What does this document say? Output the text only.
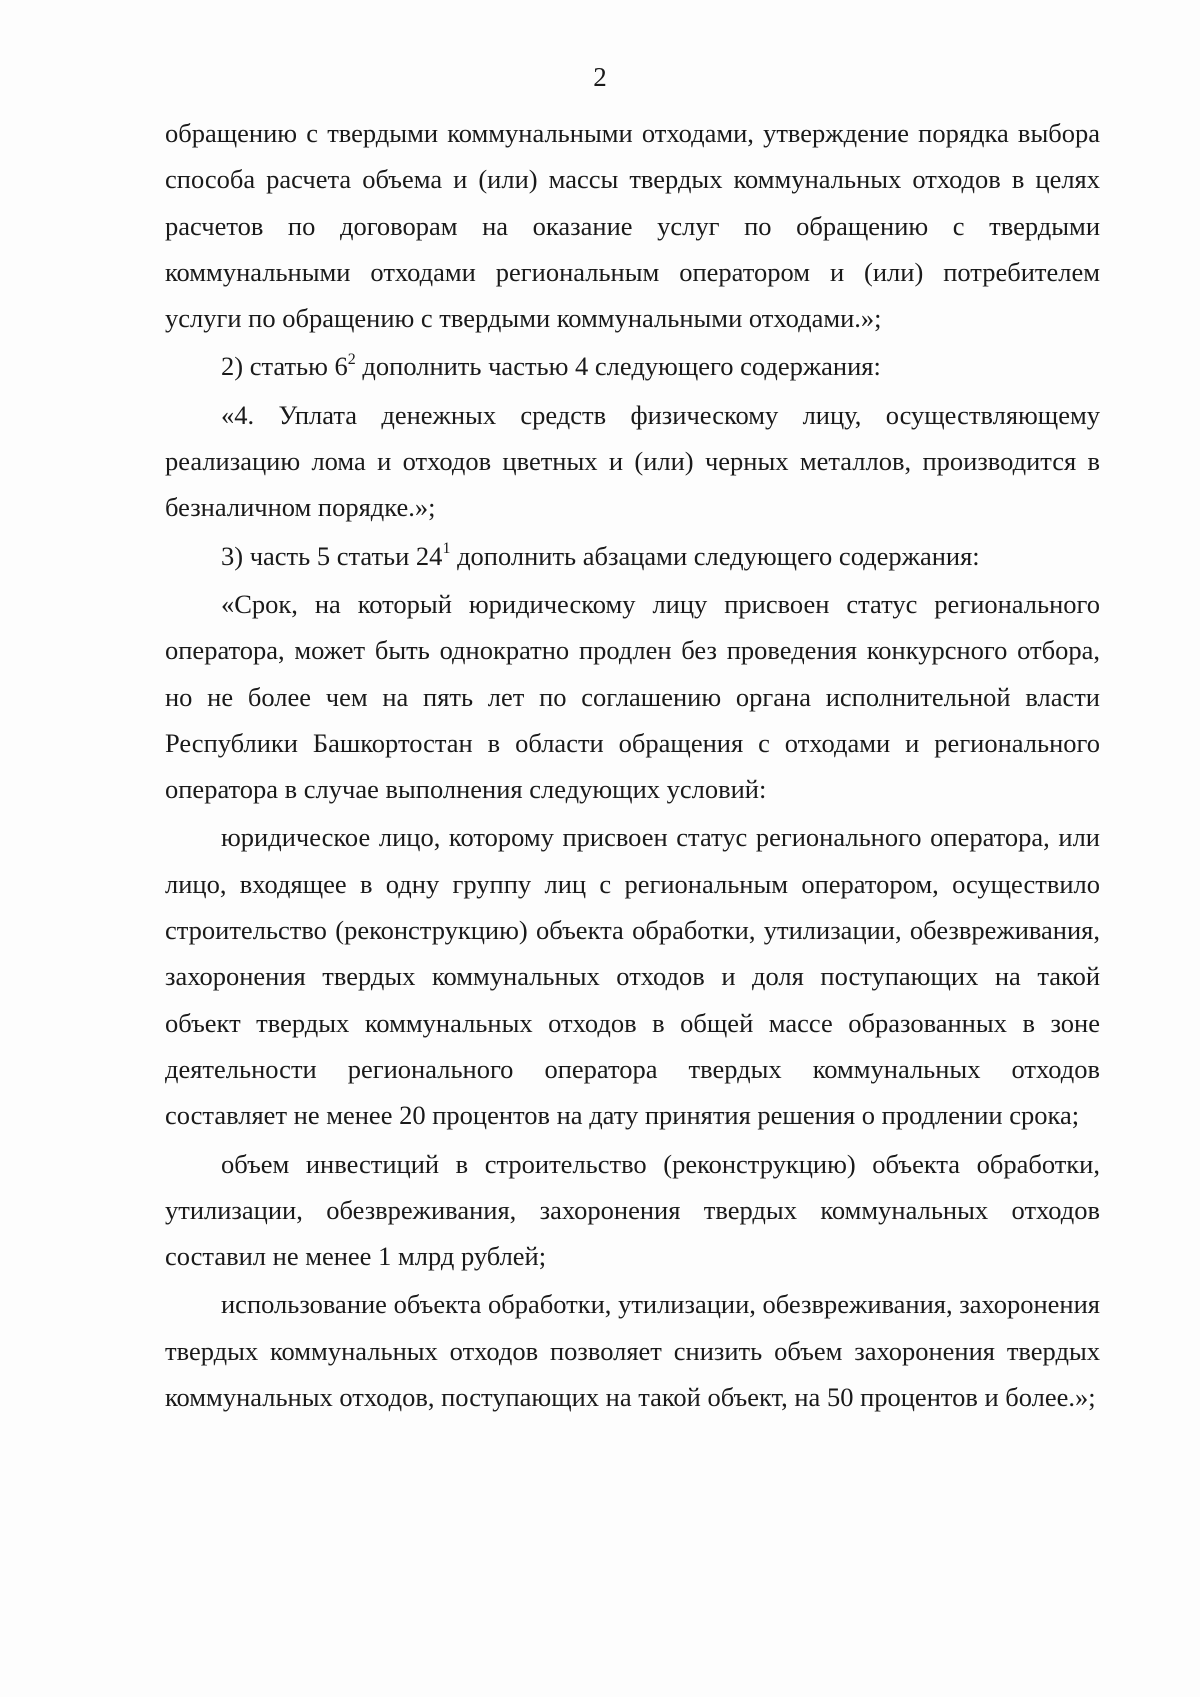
2

обращению с твердыми коммунальными отходами, утверждение порядка выбора способа расчета объема и (или) массы твердых коммунальных отходов в целях расчетов по договорам на оказание услуг по обращению с твердыми коммунальными отходами региональным оператором и (или) потребителем услуги по обращению с твердыми коммунальными отходами.»;

2) статью $6^2$ дополнить частью 4 следующего содержания:

«4. Уплата денежных средств физическому лицу, осуществляющему реализацию лома и отходов цветных и (или) черных металлов, производится в безналичном порядке.»;

3) часть 5 статьи $24^1$ дополнить абзацами следующего содержания:

«Срок, на который юридическому лицу присвоен статус регионального оператора, может быть однократно продлен без проведения конкурсного отбора, но не более чем на пять лет по соглашению органа исполнительной власти Республики Башкортостан в области обращения с отходами и регионального оператора в случае выполнения следующих условий:

юридическое лицо, которому присвоен статус регионального оператора, или лицо, входящее в одну группу лиц с региональным оператором, осуществило строительство (реконструкцию) объекта обработки, утилизации, обезвреживания, захоронения твердых коммунальных отходов и доля поступающих на такой объект твердых коммунальных отходов в общей массе образованных в зоне деятельности регионального оператора твердых коммунальных отходов составляет не менее 20 процентов на дату принятия решения о продлении срока;

объем инвестиций в строительство (реконструкцию) объекта обработки, утилизации, обезвреживания, захоронения твердых коммунальных отходов составил не менее 1 млрд рублей;

использование объекта обработки, утилизации, обезвреживания, захоронения твердых коммунальных отходов позволяет снизить объем захоронения твердых коммунальных отходов, поступающих на такой объект, на 50 процентов и более.»;
